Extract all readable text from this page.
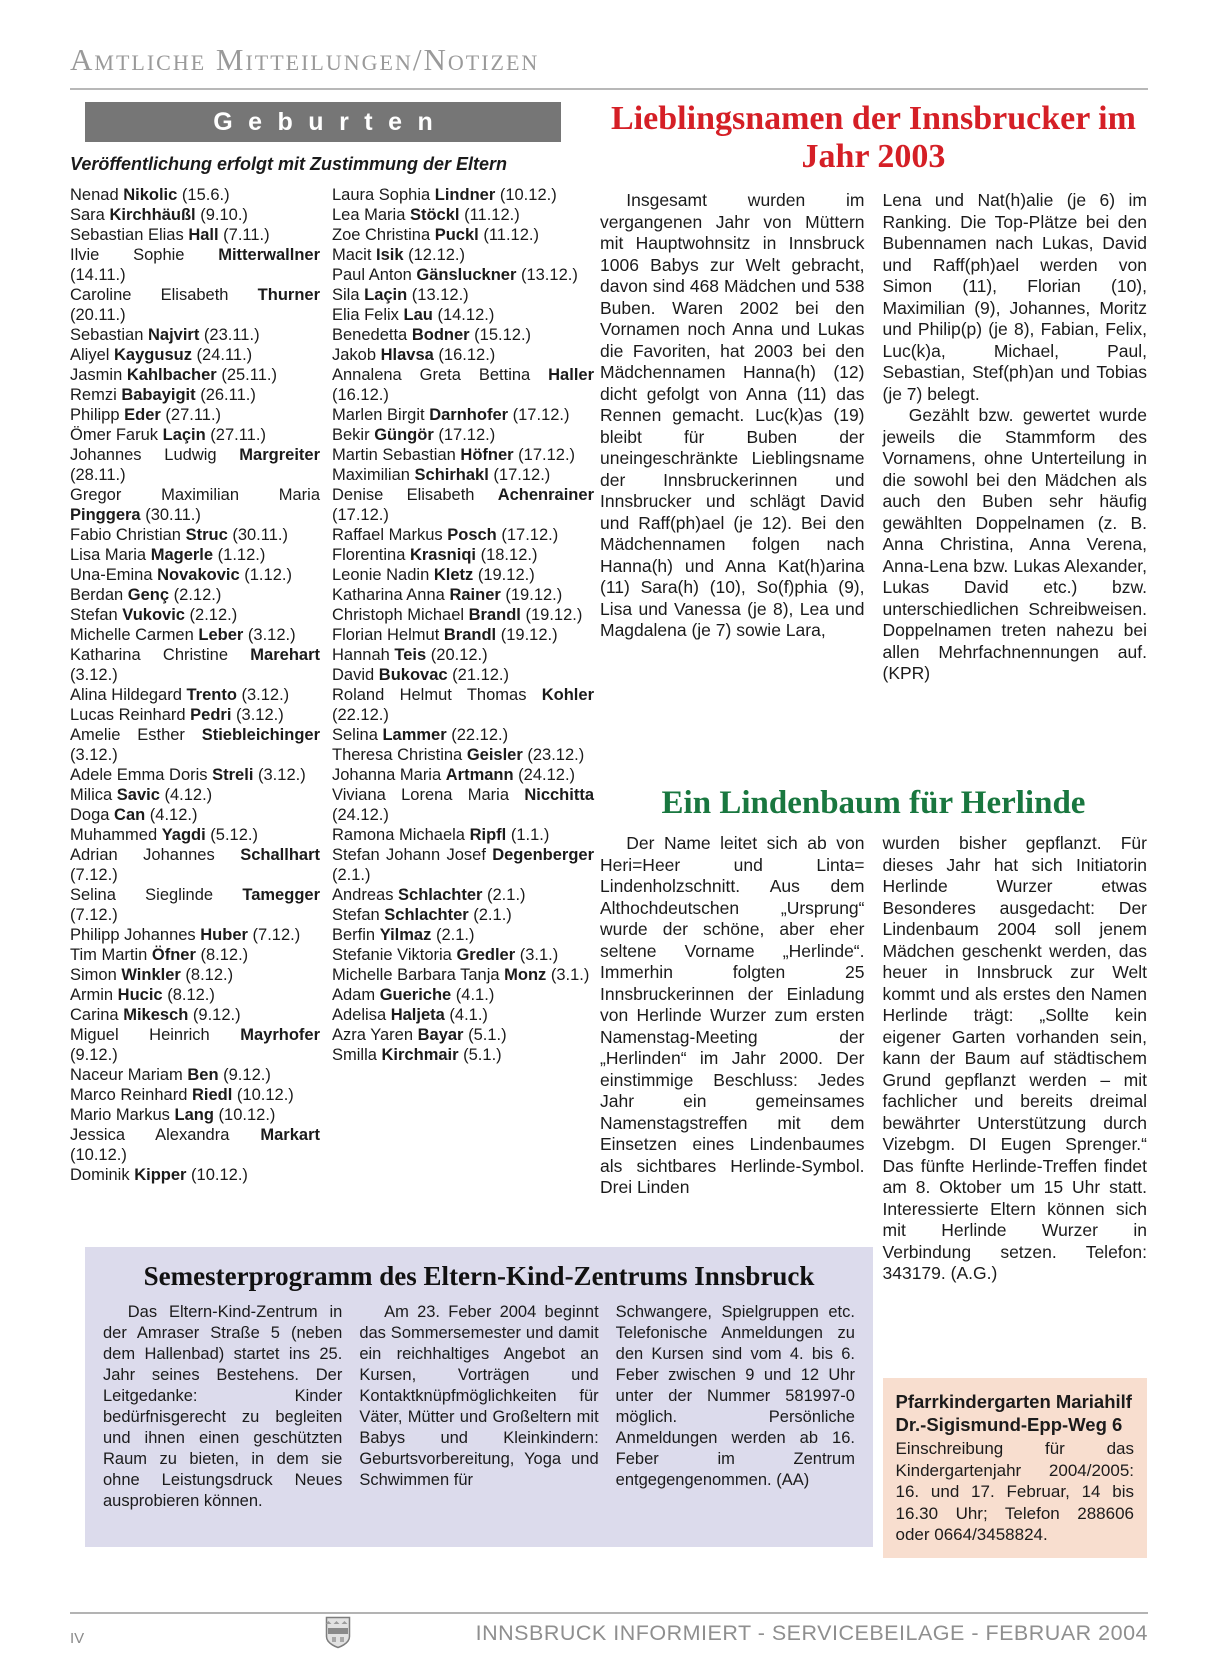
Amtliche Mitteilungen/Notizen
Geburten
Veröffentlichung erfolgt mit Zustimmung der Eltern
Nenad Nikolic (15.6.)
Sara Kirchhäußl (9.10.)
Sebastian Elias Hall (7.11.)
Ilvie Sophie Mitterwallner (14.11.)
Caroline Elisabeth Thurner (20.11.)
Sebastian Najvirt (23.11.)
Aliyel Kaygusuz (24.11.)
Jasmin Kahlbacher (25.11.)
Remzi Babayigit (26.11.)
Philipp Eder (27.11.)
Ömer Faruk Laçin (27.11.)
Johannes Ludwig Margreiter (28.11.)
Gregor Maximilian Maria Pinggera (30.11.)
Fabio Christian Struc (30.11.)
Lisa Maria Magerle (1.12.)
Una-Emina Novakovic (1.12.)
Berdan Genç (2.12.)
Stefan Vukovic (2.12.)
Michelle Carmen Leber (3.12.)
Katharina Christine Marehart (3.12.)
Alina Hildegard Trento (3.12.)
Lucas Reinhard Pedri (3.12.)
Amelie Esther Stiebleichinger (3.12.)
Adele Emma Doris Streli (3.12.)
Milica Savic (4.12.)
Doga Can (4.12.)
Muhammed Yagdi (5.12.)
Adrian Johannes Schallhart (7.12.)
Selina Sieglinde Tamegger (7.12.)
Philipp Johannes Huber (7.12.)
Tim Martin Öfner (8.12.)
Simon Winkler (8.12.)
Armin Hucic (8.12.)
Carina Mikesch (9.12.)
Miguel Heinrich Mayrhofer (9.12.)
Naceur Mariam Ben (9.12.)
Marco Reinhard Riedl (10.12.)
Mario Markus Lang (10.12.)
Jessica Alexandra Markart (10.12.)
Dominik Kipper (10.12.)
Laura Sophia Lindner (10.12.)
Lea Maria Stöckl (11.12.)
Zoe Christina Puckl (11.12.)
Macit Isik (12.12.)
Paul Anton Gänsluckner (13.12.)
Sila Laçin (13.12.)
Elia Felix Lau (14.12.)
Benedetta Bodner (15.12.)
Jakob Hlavsa (16.12.)
Annalena Greta Bettina Haller (16.12.)
Marlen Birgit Darnhofer (17.12.)
Bekir Güngör (17.12.)
Martin Sebastian Höfner (17.12.)
Maximilian Schirhakl (17.12.)
Denise Elisabeth Achenrainer (17.12.)
Raffael Markus Posch (17.12.)
Florentina Krasniqi (18.12.)
Leonie Nadin Kletz (19.12.)
Katharina Anna Rainer (19.12.)
Christoph Michael Brandl (19.12.)
Florian Helmut Brandl (19.12.)
Hannah Teis (20.12.)
David Bukovac (21.12.)
Roland Helmut Thomas Kohler (22.12.)
Selina Lammer (22.12.)
Theresa Christina Geisler (23.12.)
Johanna Maria Artmann (24.12.)
Viviana Lorena Maria Nicchitta (24.12.)
Ramona Michaela Ripfl (1.1.)
Stefan Johann Josef Degenberger (2.1.)
Andreas Schlachter (2.1.)
Stefan Schlachter (2.1.)
Berfin Yilmaz (2.1.)
Stefanie Viktoria Gredler (3.1.)
Michelle Barbara Tanja Monz (3.1.)
Adam Gueriche (4.1.)
Adelisa Haljeta (4.1.)
Azra Yaren Bayar (5.1.)
Smilla Kirchmair (5.1.)
Lieblingsnamen der Innsbrucker im Jahr 2003

Insgesamt wurden im vergangenen Jahr von Müttern mit Hauptwohnsitz in Innsbruck 1006 Babys zur Welt gebracht, davon sind 468 Mädchen und 538 Buben. Waren 2002 bei den Vornamen noch Anna und Lukas die Favoriten, hat 2003 bei den Mädchennamen Hanna(h) (12) dicht gefolgt von Anna (11) das Rennen gemacht. Luc(k)as (19) bleibt für Buben der uneingeschränkte Lieblingsname der Innsbruckerinnen und Innsbrucker und schlägt David und Raff(ph)ael (je 12). Bei den Mädchennamen folgen nach Hanna(h) und Anna Kat(h)arina (11) Sara(h) (10), So(f)phia (9), Lisa und Vanessa (je 8), Lea und Magdalena (je 7) sowie Lara,

Lena und Nat(h)alie (je 6) im Ranking. Die Top-Plätze bei den Bubennamen nach Lukas, David und Raff(ph)ael werden von Simon (11), Florian (10), Maximilian (9), Johannes, Moritz und Philip(p) (je 8), Fabian, Felix, Luc(k)a, Michael, Paul, Sebastian, Stef(ph)an und Tobias (je 7) belegt.

Gezählt bzw. gewertet wurde jeweils die Stammform des Vornamens, ohne Unterteilung in die sowohl bei den Mädchen als auch den Buben sehr häufig gewählten Doppelnamen (z. B. Anna Christina, Anna Verena, Anna-Lena bzw. Lukas Alexander, Lukas David etc.) bzw. unterschiedlichen Schreibweisen. Doppelnamen treten nahezu bei allen Mehrfachnennungen auf. (KPR)

Ein Lindenbaum für Herlinde

Der Name leitet sich ab von Heri=Heer und Linta= Lindenholzschnitt. Aus dem Althochdeutschen „Ursprung“ wurde der schöne, aber eher seltene Vorname „Herlinde“. Immerhin folgten 25 Innsbruckerinnen der Einladung von Herlinde Wurzer zum ersten Namenstag-Meeting der „Herlinden“ im Jahr 2000. Der einstimmige Beschluss: Jedes Jahr ein gemeinsames Namenstagstreffen mit dem Einsetzen eines Lindenbaumes als sichtbares Herlinde-Symbol. Drei Linden

wurden bisher gepflanzt. Für dieses Jahr hat sich Initiatorin Herlinde Wurzer etwas Besonderes ausgedacht: Der Lindenbaum 2004 soll jenem Mädchen geschenkt werden, das heuer in Innsbruck zur Welt kommt und als erstes den Namen Herlinde trägt: „Sollte kein eigener Garten vorhanden sein, kann der Baum auf städtischem Grund gepflanzt werden – mit fachlicher und bereits dreimal bewährter Unterstützung durch Vizebgm. DI Eugen Sprenger.“ Das fünfte Herlinde-Treffen findet am 8. Oktober um 15 Uhr statt. Interessierte Eltern können sich mit Herlinde Wurzer in Verbindung setzen. Telefon: 343179. (A.G.)

Pfarrkindergarten Mariahilf
Dr.-Sigismund-Epp-Weg 6
Einschreibung für das Kindergartenjahr 2004/2005: 16. und 17. Februar, 14 bis 16.30 Uhr; Telefon 288606 oder 0664/3458824.
Semesterprogramm des Eltern-Kind-Zentrums Innsbruck

Das Eltern-Kind-Zentrum in der Amraser Straße 5 (neben dem Hallenbad) startet ins 25. Jahr seines Bestehens. Der Leitgedanke: Kinder bedürfnisgerecht zu begleiten und ihnen einen geschützten Raum zu bieten, in dem sie ohne Leistungsdruck Neues ausprobieren können.

Am 23. Feber 2004 beginnt das Sommersemester und damit ein reichhaltiges Angebot an Kursen, Vorträgen und Kontaktknüpfmöglichkeiten für Väter, Mütter und Großeltern mit Babys und Kleinkindern: Geburtsvorbereitung, Yoga und Schwimmen für

Schwangere, Spielgruppen etc. Telefonische Anmeldungen zu den Kursen sind vom 4. bis 6. Feber zwischen 9 und 12 Uhr unter der Nummer 581997-0 möglich. Persönliche Anmeldungen werden ab 16. Feber im Zentrum entgegengenommen. (AA)

IV	INNSBRUCK INFORMIERT - SERVICEBEILAGE - FEBRUAR 2004
